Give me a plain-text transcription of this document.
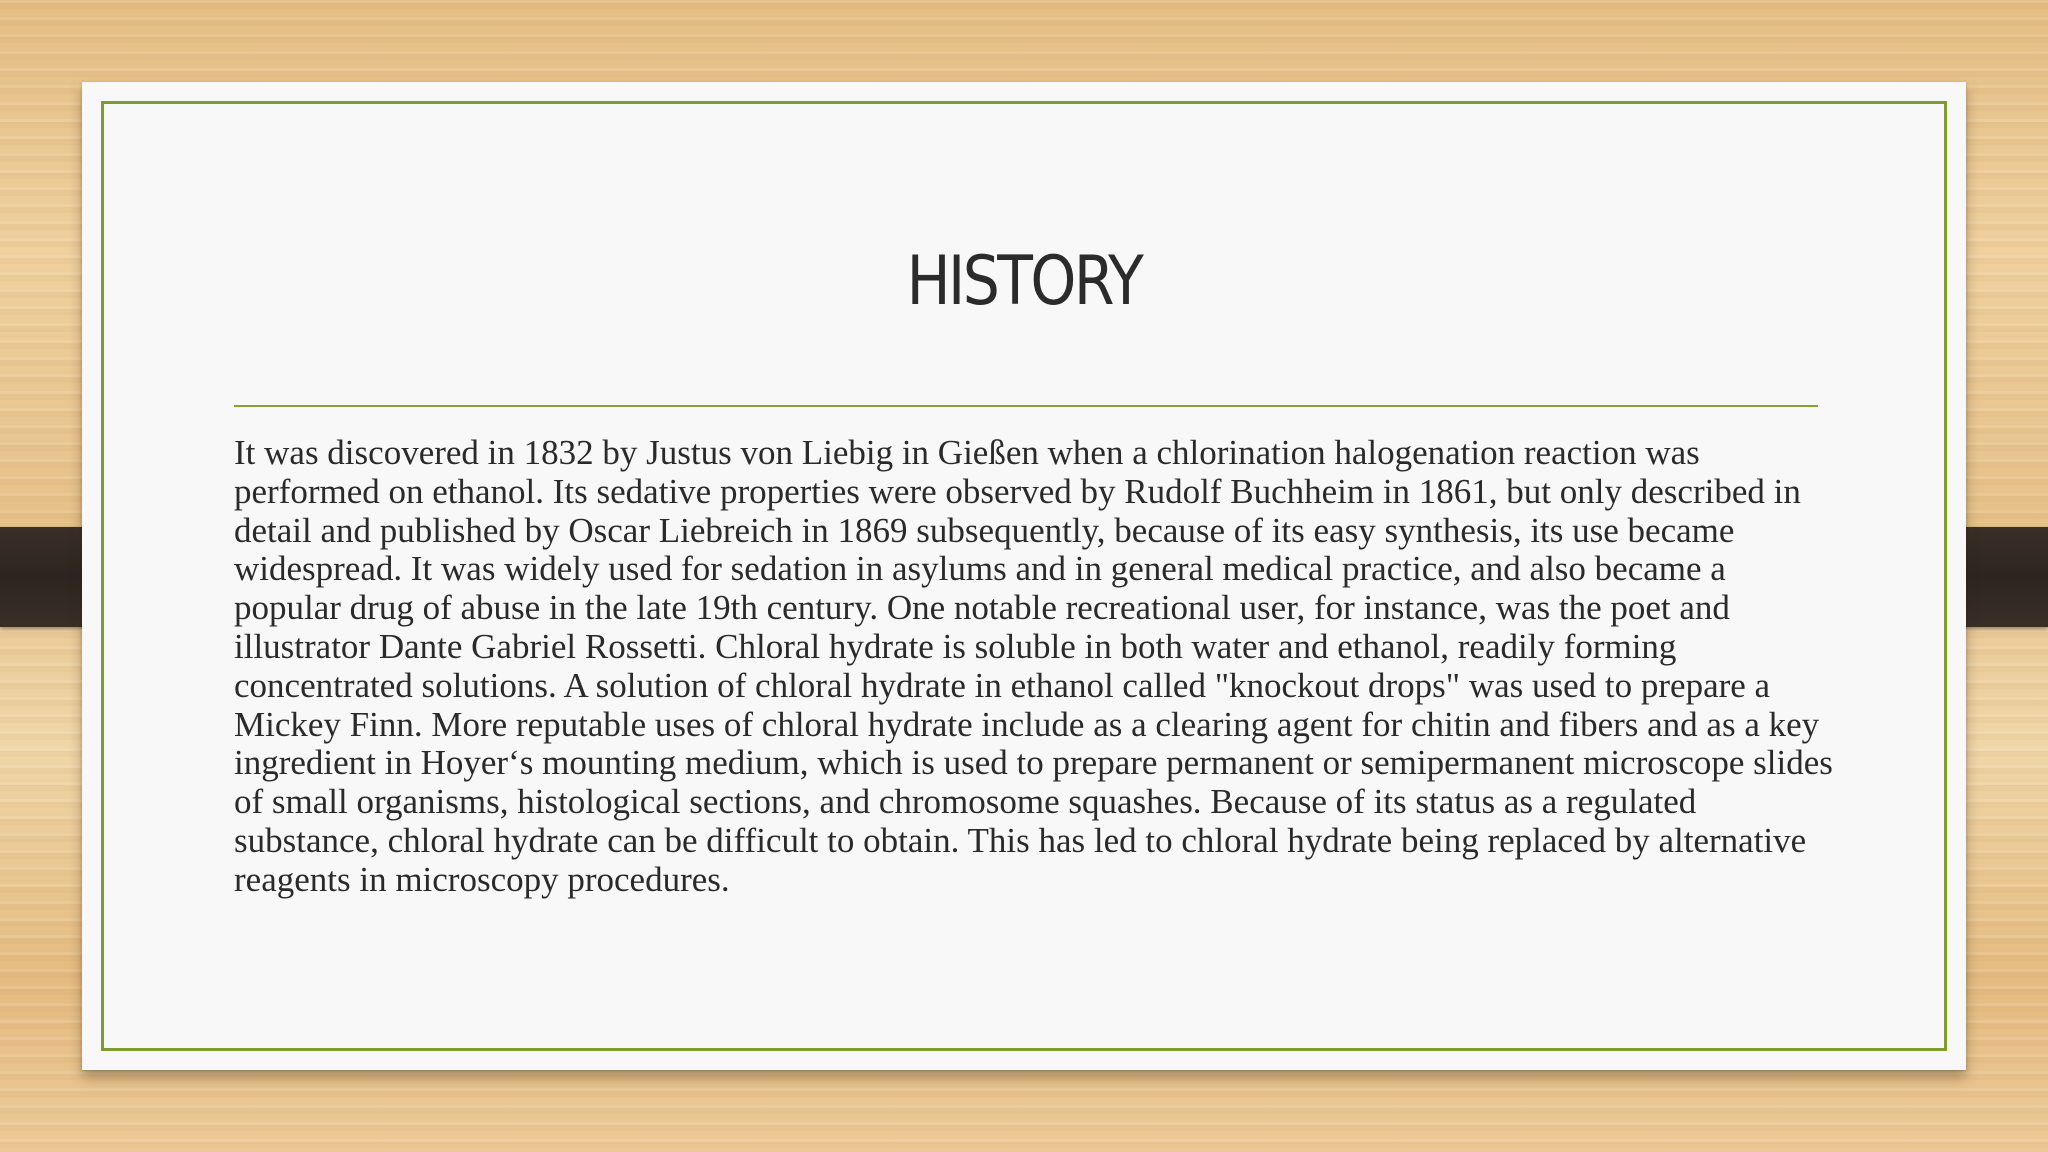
HISTORY

It was discovered in 1832 by Justus von Liebig in Gießen when a chlorination halogenation reaction was performed on ethanol. Its sedative properties were observed by Rudolf Buchheim in 1861, but only described in detail and published by Oscar Liebreich in 1869 subsequently, because of its easy synthesis, its use became widespread. It was widely used for sedation in asylums and in general medical practice, and also became a popular drug of abuse in the late 19th century. One notable recreational user, for instance, was the poet and illustrator Dante Gabriel Rossetti. Chloral hydrate is soluble in both water and ethanol, readily forming concentrated solutions. A solution of chloral hydrate in ethanol called "knockout drops" was used to prepare a Mickey Finn. More reputable uses of chloral hydrate include as a clearing agent for chitin and fibers and as a key ingredient in Hoyer‘s mounting medium, which is used to prepare permanent or semipermanent microscope slides of small organisms, histological sections, and chromosome squashes. Because of its status as a regulated substance, chloral hydrate can be difficult to obtain. This has led to chloral hydrate being replaced by alternative reagents in microscopy procedures.
